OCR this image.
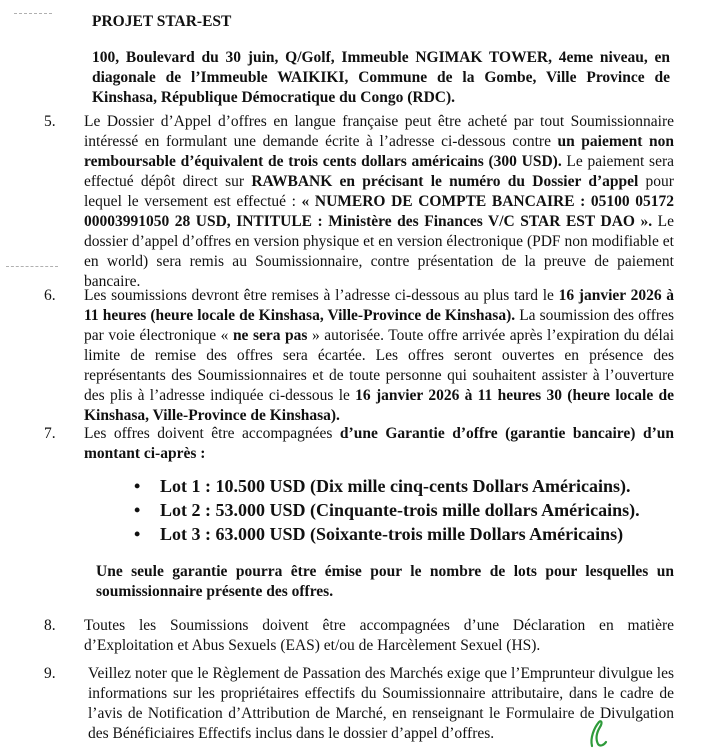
PROJET STAR-EST
100, Boulevard du 30 juin, Q/Golf, Immeuble NGIMAK TOWER, 4eme niveau, en diagonale de l’Immeuble WAIKIKI, Commune de la Gombe, Ville Province de Kinshasa, République Démocratique du Congo (RDC).
5.	Le Dossier d’Appel d’offres en langue française peut être acheté par tout Soumissionnaire intéressé en formulant une demande écrite à l’adresse ci-dessous contre un paiement non remboursable d’équivalent de trois cents dollars américains (300 USD). Le paiement sera effectué dépôt direct sur RAWBANK en précisant le numéro du Dossier d’appel pour lequel le versement est effectué : « NUMERO DE COMPTE BANCAIRE : 05100 05172 00003991050 28 USD, INTITULE : Ministère des Finances V/C STAR EST DAO ». Le dossier d’appel d’offres en version physique et en version électronique (PDF non modifiable et en world) sera remis au Soumissionnaire, contre présentation de la preuve de paiement bancaire.
6.	Les soumissions devront être remises à l’adresse ci-dessous au plus tard le 16 janvier 2026 à 11 heures (heure locale de Kinshasa, Ville-Province de Kinshasa). La soumission des offres par voie électronique « ne sera pas » autorisée. Toute offre arrivée après l’expiration du délai limite de remise des offres sera écartée. Les offres seront ouvertes en présence des représentants des Soumissionnaires et de toute personne qui souhaitent assister à l’ouverture des plis à l’adresse indiquée ci-dessous le 16 janvier 2026 à 11 heures 30 (heure locale de Kinshasa, Ville-Province de Kinshasa).
7.	Les offres doivent être accompagnées d’une Garantie d’offre (garantie bancaire) d’un montant ci-après :
• Lot 1 : 10.500 USD (Dix mille cinq-cents Dollars Américains).
• Lot 2 : 53.000 USD (Cinquante-trois mille dollars Américains).
• Lot 3 : 63.000 USD (Soixante-trois mille Dollars Américains)
Une seule garantie pourra être émise pour le nombre de lots pour lesquelles un soumissionnaire présente des offres.
8.	Toutes les Soumissions doivent être accompagnées d’une Déclaration en matière d’Exploitation et Abus Sexuels (EAS) et/ou de Harcèlement Sexuel (HS).
9.	Veillez noter que le Règlement de Passation des Marchés exige que l’Emprunteur divulgue les informations sur les propriétaires effectifs du Soumissionnaire attributaire, dans le cadre de l’avis de Notification d’Attribution de Marché, en renseignant le Formulaire de Divulgation des Bénéficiaires Effectifs inclus dans le dossier d’appel d’offres.
